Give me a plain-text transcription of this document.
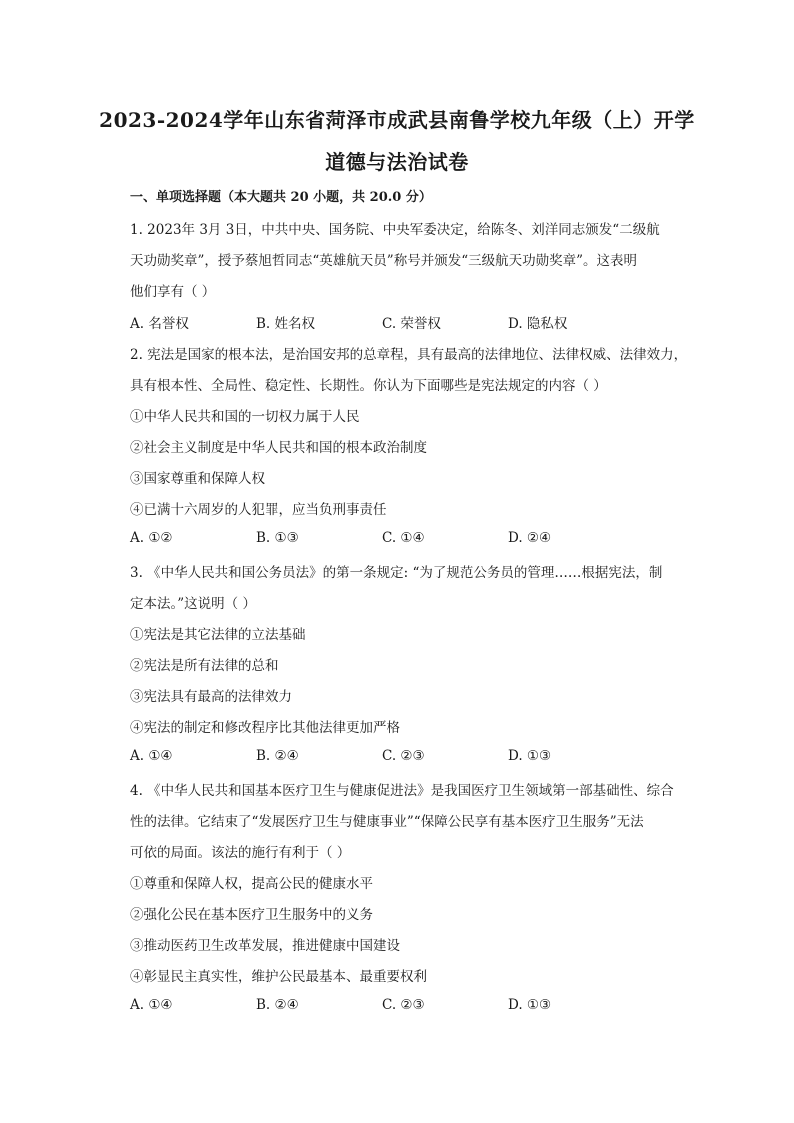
2023-2024学年山东省菏泽市成武县南鲁学校九年级（上）开学
道德与法治试卷
一、单项选择题（本大题共 20 小题，共 20.0 分）
1. 2023年 3月 3日，中共中央、国务院、中央军委决定，给陈冬、刘洋同志颁发“二级航
天功勋奖章”，授予蔡旭哲同志“英雄航天员”称号并颁发“三级航天功勋奖章”。这表明
他们享有（ ）
A. 名誉权	B. 姓名权	C. 荣誉权	D. 隐私权
2. 宪法是国家的根本法，是治国安邦的总章程，具有最高的法律地位、法律权威、法律效力，
具有根本性、全局性、稳定性、长期性。你认为下面哪些是宪法规定的内容（ ）
①中华人民共和国的一切权力属于人民
②社会主义制度是中华人民共和国的根本政治制度
③国家尊重和保障人权
④已满十六周岁的人犯罪，应当负刑事责任
A. ①②	B. ①③	C. ①④	D. ②④
3. 《中华人民共和国公务员法》的第一条规定: “为了规范公务员的管理……根据宪法，制
定本法。”这说明（ ）
①宪法是其它法律的立法基础
②宪法是所有法律的总和
③宪法具有最高的法律效力
④宪法的制定和修改程序比其他法律更加严格
A. ①④	B. ②④	C. ②③	D. ①③
4. 《中华人民共和国基本医疗卫生与健康促进法》是我国医疗卫生领域第一部基础性、综合
性的法律。它结束了“发展医疗卫生与健康事业”“保障公民享有基本医疗卫生服务”无法
可依的局面。该法的施行有利于（ ）
①尊重和保障人权，提高公民的健康水平
②强化公民在基本医疗卫生服务中的义务
③推动医药卫生改革发展，推进健康中国建设
④彰显民主真实性，维护公民最基本、最重要权利
A. ①④	B. ②④	C. ②③	D. ①③
